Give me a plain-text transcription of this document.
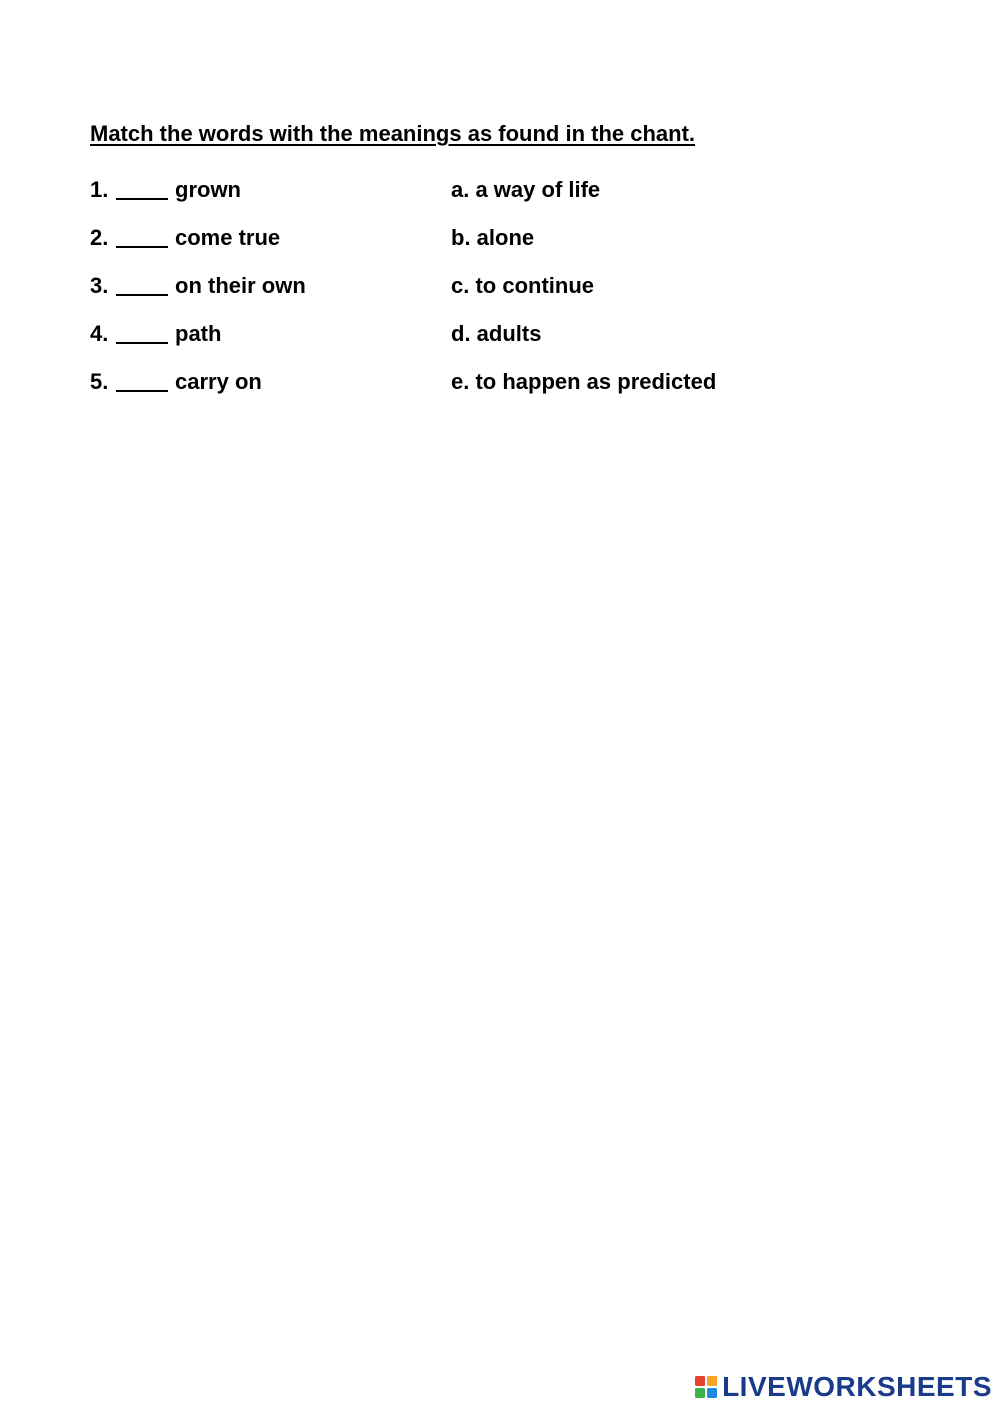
Match the words with the meanings as found in the chant.

1.	grown	a. a way of life
2.	come true	b. alone
3.	on their own	c. to continue
4.	path	d. adults
5.	carry on	e. to happen as predicted
LIVEWORKSHEETS
